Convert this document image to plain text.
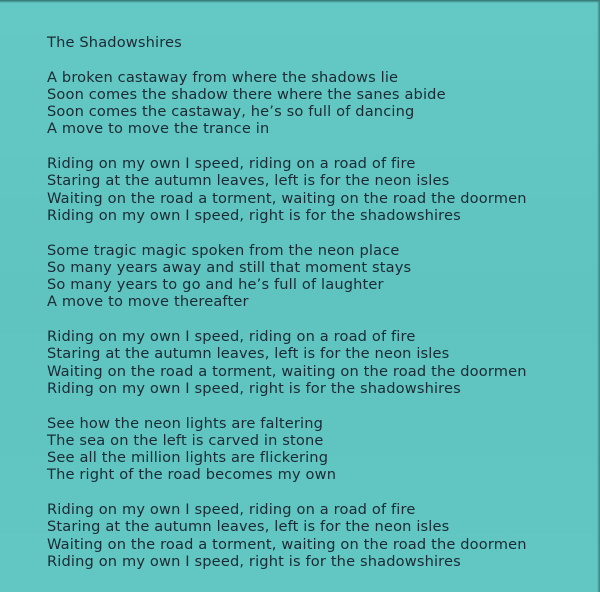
The Shadowshires
A broken castaway from where the shadows lie
Soon comes the shadow there where the sanes abide
Soon comes the castaway, he’s so full of dancing
A move to move the trance in
Riding on my own I speed, riding on a road of fire
Staring at the autumn leaves, left is for the neon isles
Waiting on the road a torment, waiting on the road the doormen
Riding on my own I speed, right is for the shadowshires
Some tragic magic spoken from the neon place
So many years away and still that moment stays
So many years to go and he’s full of laughter
A move to move thereafter
Riding on my own I speed, riding on a road of fire
Staring at the autumn leaves, left is for the neon isles
Waiting on the road a torment, waiting on the road the doormen
Riding on my own I speed, right is for the shadowshires
See how the neon lights are faltering
The sea on the left is carved in stone
See all the million lights are flickering
The right of the road becomes my own
Riding on my own I speed, riding on a road of fire
Staring at the autumn leaves, left is for the neon isles
Waiting on the road a torment, waiting on the road the doormen
Riding on my own I speed, right is for the shadowshires
